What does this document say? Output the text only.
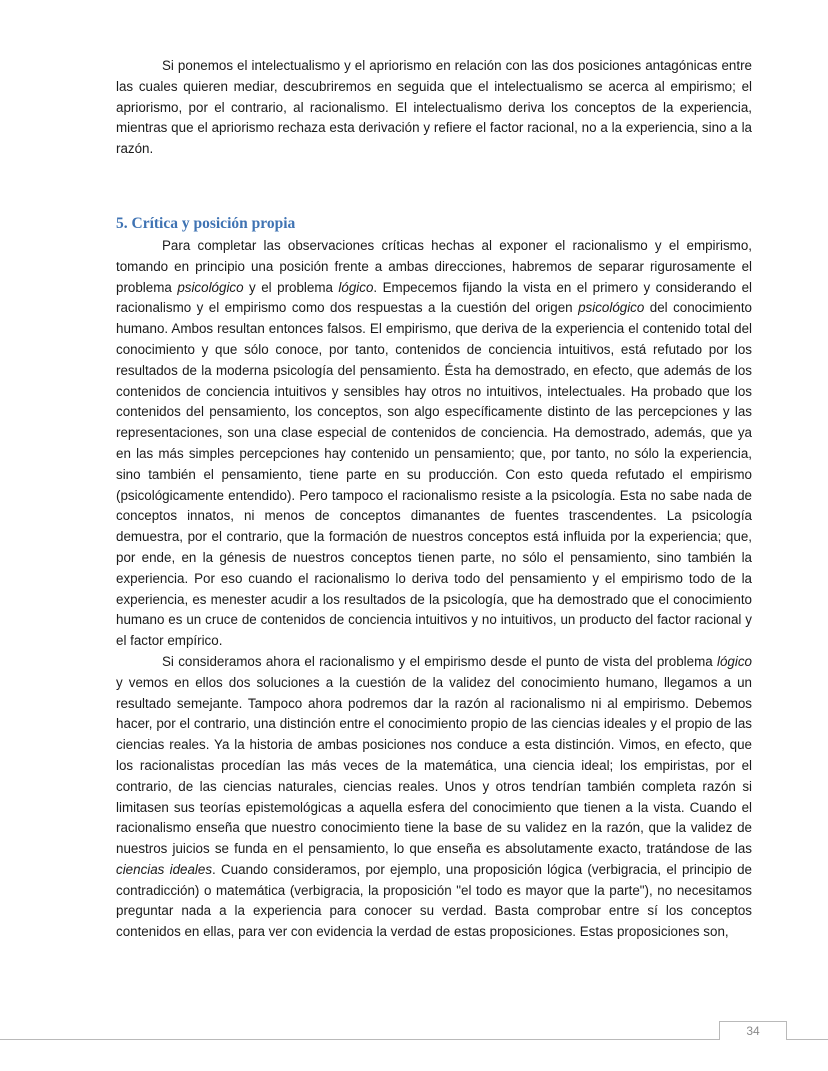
Si ponemos el intelectualismo y el apriorismo en relación con las dos posiciones antagónicas entre las cuales quieren mediar, descubriremos en seguida que el intelectualismo se acerca al empirismo; el apriorismo, por el contrario, al racionalismo. El intelectualismo deriva los conceptos de la experiencia, mientras que el apriorismo rechaza esta derivación y refiere el factor racional, no a la experiencia, sino a la razón.

5. Crítica y posición propia

Para completar las observaciones críticas hechas al exponer el racionalismo y el empirismo, tomando en principio una posición frente a ambas direcciones, habremos de separar rigurosamente el problema psicológico y el problema lógico. Empecemos fijando la vista en el primero y considerando el racionalismo y el empirismo como dos respuestas a la cuestión del origen psicológico del conocimiento humano. Ambos resultan entonces falsos. El empirismo, que deriva de la experiencia el contenido total del conocimiento y que sólo conoce, por tanto, contenidos de conciencia intuitivos, está refutado por los resultados de la moderna psicología del pensamiento. Ésta ha demostrado, en efecto, que además de los contenidos de conciencia intuitivos y sensibles hay otros no intuitivos, intelectuales. Ha probado que los contenidos del pensamiento, los conceptos, son algo específicamente distinto de las percepciones y las representaciones, son una clase especial de contenidos de conciencia. Ha demostrado, además, que ya en las más simples percepciones hay contenido un pensamiento; que, por tanto, no sólo la experiencia, sino también el pensamiento, tiene parte en su producción. Con esto queda refutado el empirismo (psicológicamente entendido). Pero tampoco el racionalismo resiste a la psicología. Esta no sabe nada de conceptos innatos, ni menos de conceptos dimanantes de fuentes trascendentes. La psicología demuestra, por el contrario, que la formación de nuestros conceptos está influida por la experiencia; que, por ende, en la génesis de nuestros conceptos tienen parte, no sólo el pensamiento, sino también la experiencia. Por eso cuando el racionalismo lo deriva todo del pensamiento y el empirismo todo de la experiencia, es menester acudir a los resultados de la psicología, que ha demostrado que el conocimiento humano es un cruce de contenidos de conciencia intuitivos y no intuitivos, un producto del factor racional y el factor empírico.

Si consideramos ahora el racionalismo y el empirismo desde el punto de vista del problema lógico y vemos en ellos dos soluciones a la cuestión de la validez del conocimiento humano, llegamos a un resultado semejante. Tampoco ahora podremos dar la razón al racionalismo ni al empirismo. Debemos hacer, por el contrario, una distinción entre el conocimiento propio de las ciencias ideales y el propio de las ciencias reales. Ya la historia de ambas posiciones nos conduce a esta distinción. Vimos, en efecto, que los racionalistas procedían las más veces de la matemática, una ciencia ideal; los empiristas, por el contrario, de las ciencias naturales, ciencias reales. Unos y otros tendrían también completa razón si limitasen sus teorías epistemológicas a aquella esfera del conocimiento que tienen a la vista. Cuando el racionalismo enseña que nuestro conocimiento tiene la base de su validez en la razón, que la validez de nuestros juicios se funda en el pensamiento, lo que enseña es absolutamente exacto, tratándose de las ciencias ideales. Cuando consideramos, por ejemplo, una proposición lógica (verbigracia, el principio de contradicción) o matemática (verbigracia, la proposición "el todo es mayor que la parte"), no necesitamos preguntar nada a la experiencia para conocer su verdad. Basta comprobar entre sí los conceptos contenidos en ellas, para ver con evidencia la verdad de estas proposiciones. Estas proposiciones son,

34
